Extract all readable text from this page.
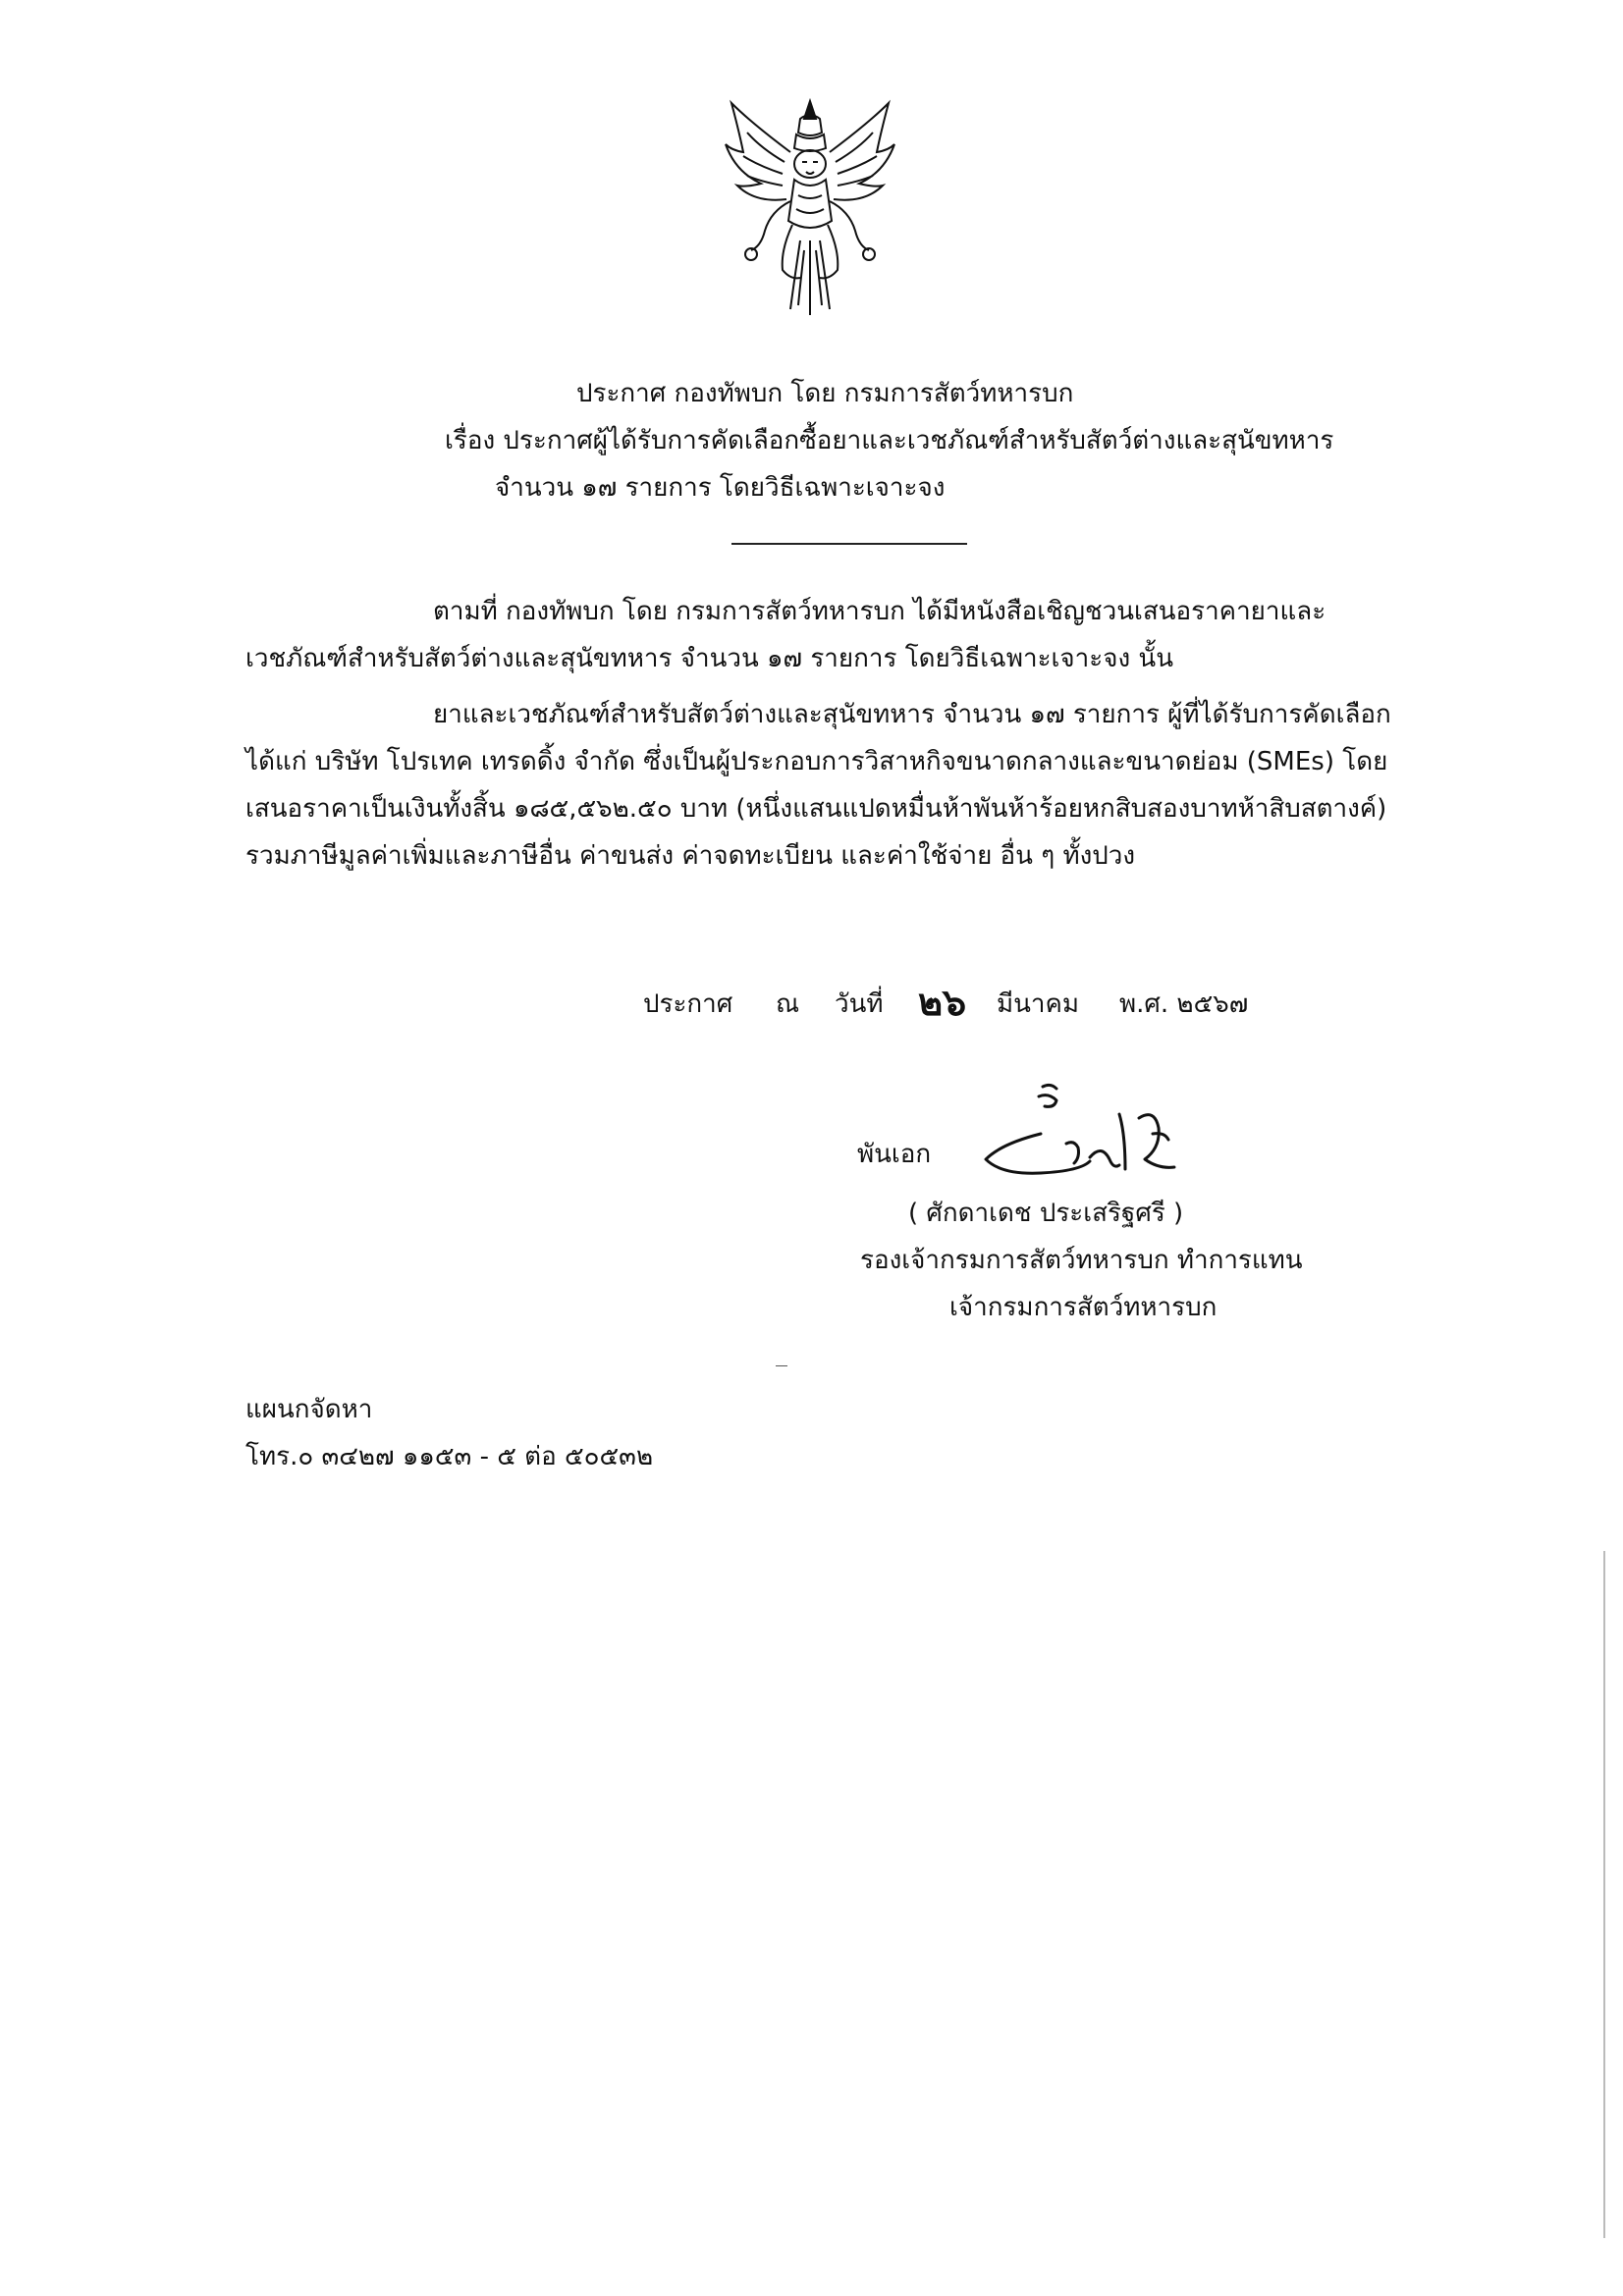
ประกาศ กองทัพบก โดย กรมการสัตว์ทหารบก
เรื่อง ประกาศผู้ได้รับการคัดเลือกซื้อยาและเวชภัณฑ์สำหรับสัตว์ต่างและสุนัขทหาร
จำนวน ๑๗ รายการ โดยวิธีเฉพาะเจาะจง
ตามที่ กองทัพบก โดย กรมการสัตว์ทหารบก ได้มีหนังสือเชิญชวนเสนอราคายาและ
เวชภัณฑ์สำหรับสัตว์ต่างและสุนัขทหาร จำนวน ๑๗ รายการ โดยวิธีเฉพาะเจาะจง นั้น
ยาและเวชภัณฑ์สำหรับสัตว์ต่างและสุนัขทหาร จำนวน ๑๗ รายการ ผู้ที่ได้รับการคัดเลือก
ได้แก่ บริษัท โปรเทค เทรดดิ้ง จำกัด ซึ่งเป็นผู้ประกอบการวิสาหกิจขนาดกลางและขนาดย่อม (SMEs) โดย
เสนอราคาเป็นเงินทั้งสิ้น ๑๘๕,๕๖๒.๕๐ บาท (หนึ่งแสนแปดหมื่นห้าพันห้าร้อยหกสิบสองบาทห้าสิบสตางค์)
รวมภาษีมูลค่าเพิ่มและภาษีอื่น ค่าขนส่ง ค่าจดทะเบียน และค่าใช้จ่าย อื่น ๆ ทั้งปวง
ประกาศ ณ วันที่ ๒๖ มีนาคม พ.ศ. ๒๕๖๗
พันเอก
( ศักดาเดช ประเสริฐศรี )
รองเจ้ากรมการสัตว์ทหารบก ทำการแทน
เจ้ากรมการสัตว์ทหารบก
แผนกจัดหา
โทร.๐ ๓๔๒๗ ๑๑๕๓ - ๕ ต่อ ๕๐๕๓๒
